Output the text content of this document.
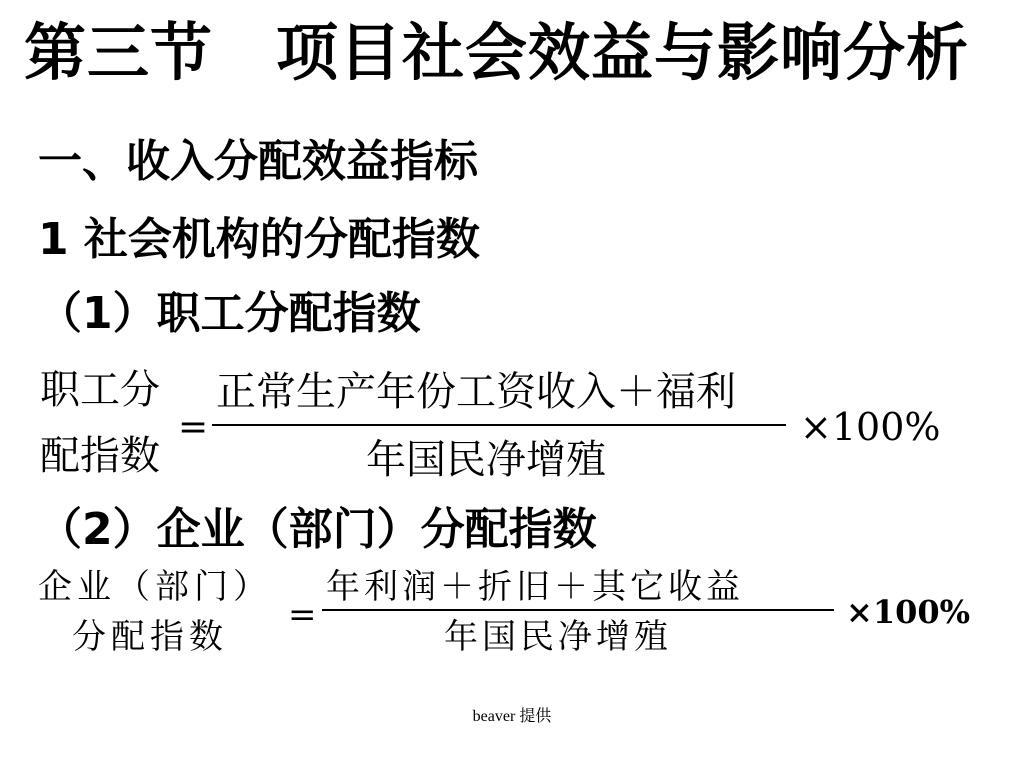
第三节　项目社会效益与影响分析
一、收入分配效益指标
1 社会机构的分配指数
（1）职工分配指数
职工分
配指数
=
正常生产年份工资收入＋福利
年国民净增殖
×100%
（2）企业（部门）分配指数
企业（部门）
分配指数
=
年利润＋折旧＋其它收益
年国民净增殖
×100%
beaver 提供
